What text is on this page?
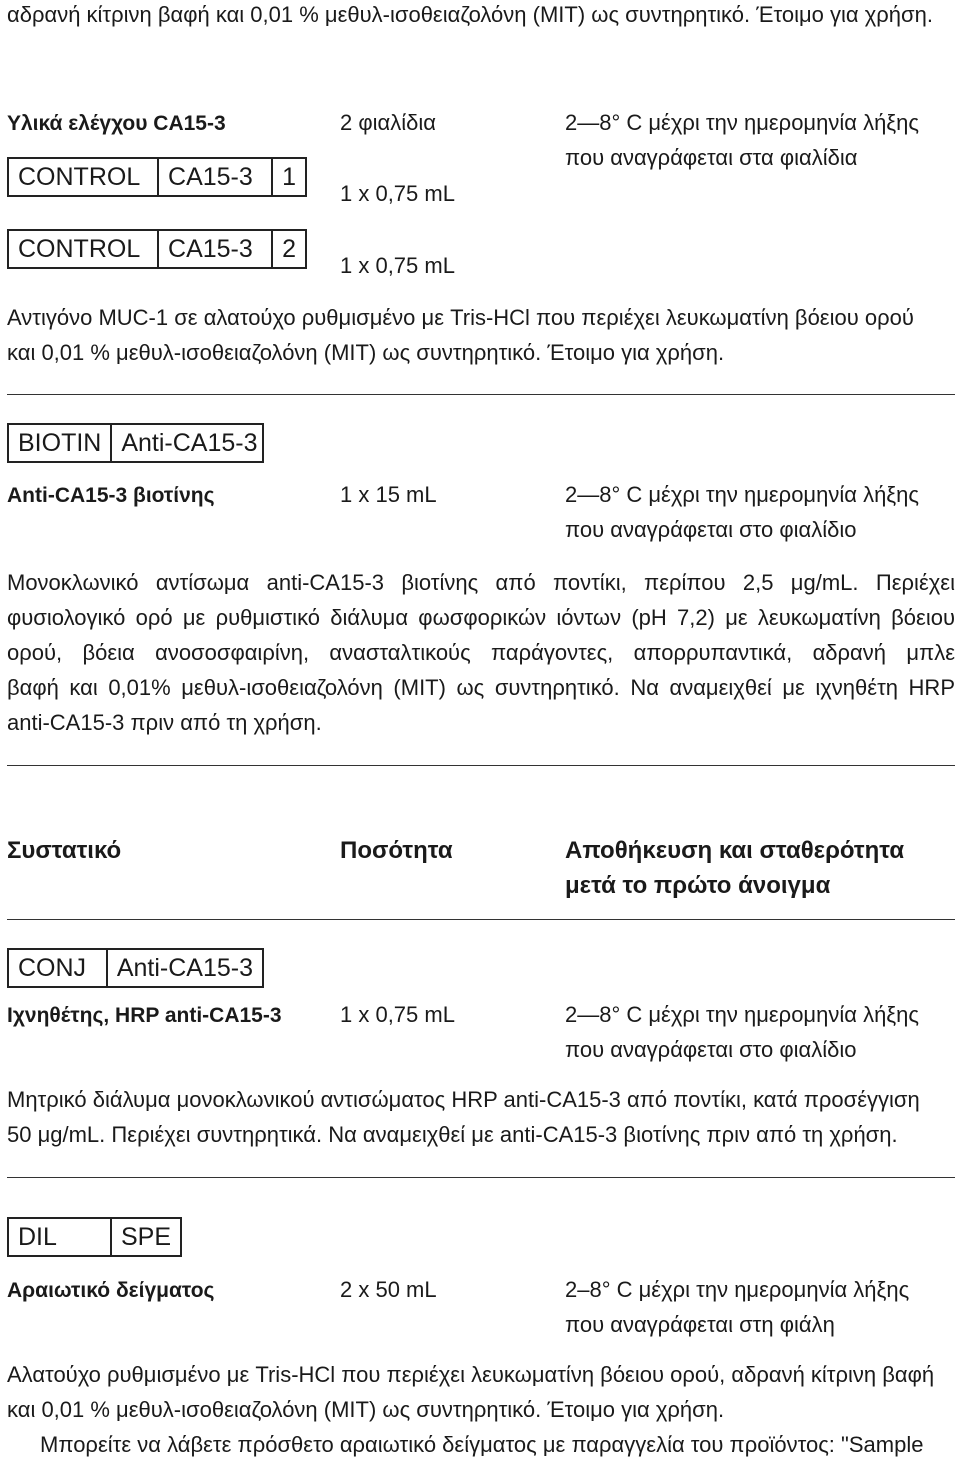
αδρανή κίτρινη βαφή και 0,01 % μεθυλ-ισοθειαζολόνη (MIT) ως συντηρητικό. Έτοιμο για χρήση.
Υλικά ελέγχου CA15-3	2 φιαλίδια	2—8° C μέχρι την ημερομηνία λήξης
που αναγράφεται στα φιαλίδια
CONTROL	CA15-3	1
1 x 0,75 mL
CONTROL	CA15-3	2
1 x 0,75 mL
Αντιγόνο MUC-1 σε αλατούχο ρυθμισμένο με Tris-HCl που περιέχει λευκωματίνη βόειου ορού
και 0,01 % μεθυλ-ισοθειαζολόνη (MIT) ως συντηρητικό. Έτοιμο για χρήση.
BIOTIN Anti-CA15-3
Anti-CA15-3 βιοτίνης	1 x 15 mL	2—8° C μέχρι την ημερομηνία λήξης
που αναγράφεται στο φιαλίδιο
Μονοκλωνικό αντίσωμα anti-CA15-3 βιοτίνης από ποντίκι, περίπου 2,5 μg/mL. Περιέχει
φυσιολογικό ορό με ρυθμιστικό διάλυμα φωσφορικών ιόντων (pH 7,2) με λευκωματίνη βόειου
ορού, βόεια ανοσοσφαιρίνη, ανασταλτικούς παράγοντες, απορρυπαντικά, αδρανή μπλε
βαφή και 0,01% μεθυλ-ισοθειαζολόνη (MIT) ως συντηρητικό. Να αναμειχθεί με ιχνηθέτη HRP
anti-CA15-3 πριν από τη χρήση.
Συστατικό	Ποσότητα	Αποθήκευση και σταθερότητα
μετά το πρώτο άνοιγμα
CONJ	Anti-CA15-3
Ιχνηθέτης, HRP anti-CA15-3	1 x 0,75 mL	2—8° C μέχρι την ημερομηνία λήξης
που αναγράφεται στο φιαλίδιο
Μητρικό διάλυμα μονοκλωνικού αντισώματος HRP anti-CA15-3 από ποντίκι, κατά προσέγγιση
50 μg/mL. Περιέχει συντηρητικά. Να αναμειχθεί με anti-CA15-3 βιοτίνης πριν από τη χρήση.
DIL	SPE
Αραιωτικό δείγματος	2 x 50 mL	2–8° C μέχρι την ημερομηνία λήξης
που αναγράφεται στη φιάλη
Αλατούχο ρυθμισμένο με Tris-HCl που περιέχει λευκωματίνη βόειου ορού, αδρανή κίτρινη βαφή
και 0,01 % μεθυλ-ισοθειαζολόνη (MIT) ως συντηρητικό. Έτοιμο για χρήση.
Μπορείτε να λάβετε πρόσθετο αραιωτικό δείγματος με παραγγελία του προϊόντος: "Sample
